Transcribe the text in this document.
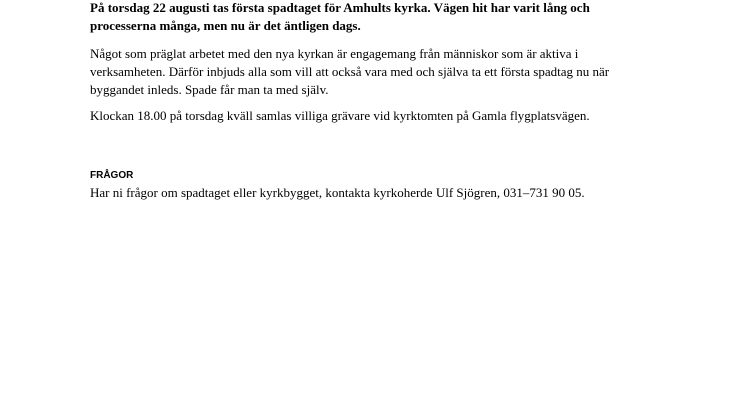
På torsdag 22 augusti tas första spadtaget för Amhults kyrka. Vägen hit har varit lång och processerna många, men nu är det äntligen dags.

Något som präglat arbetet med den nya kyrkan är engagemang från människor som är aktiva i verksamheten. Därför inbjuds alla som vill att också vara med och själva ta ett första spadtag nu när byggandet inleds. Spade får man ta med själv.

Klockan 18.00 på torsdag kväll samlas villiga grävare vid kyrktomten på Gamla flygplatsvägen.

FRÅGOR

Har ni frågor om spadtaget eller kyrkbygget, kontakta kyrkoherde Ulf Sjögren, 031–731 90 05.
